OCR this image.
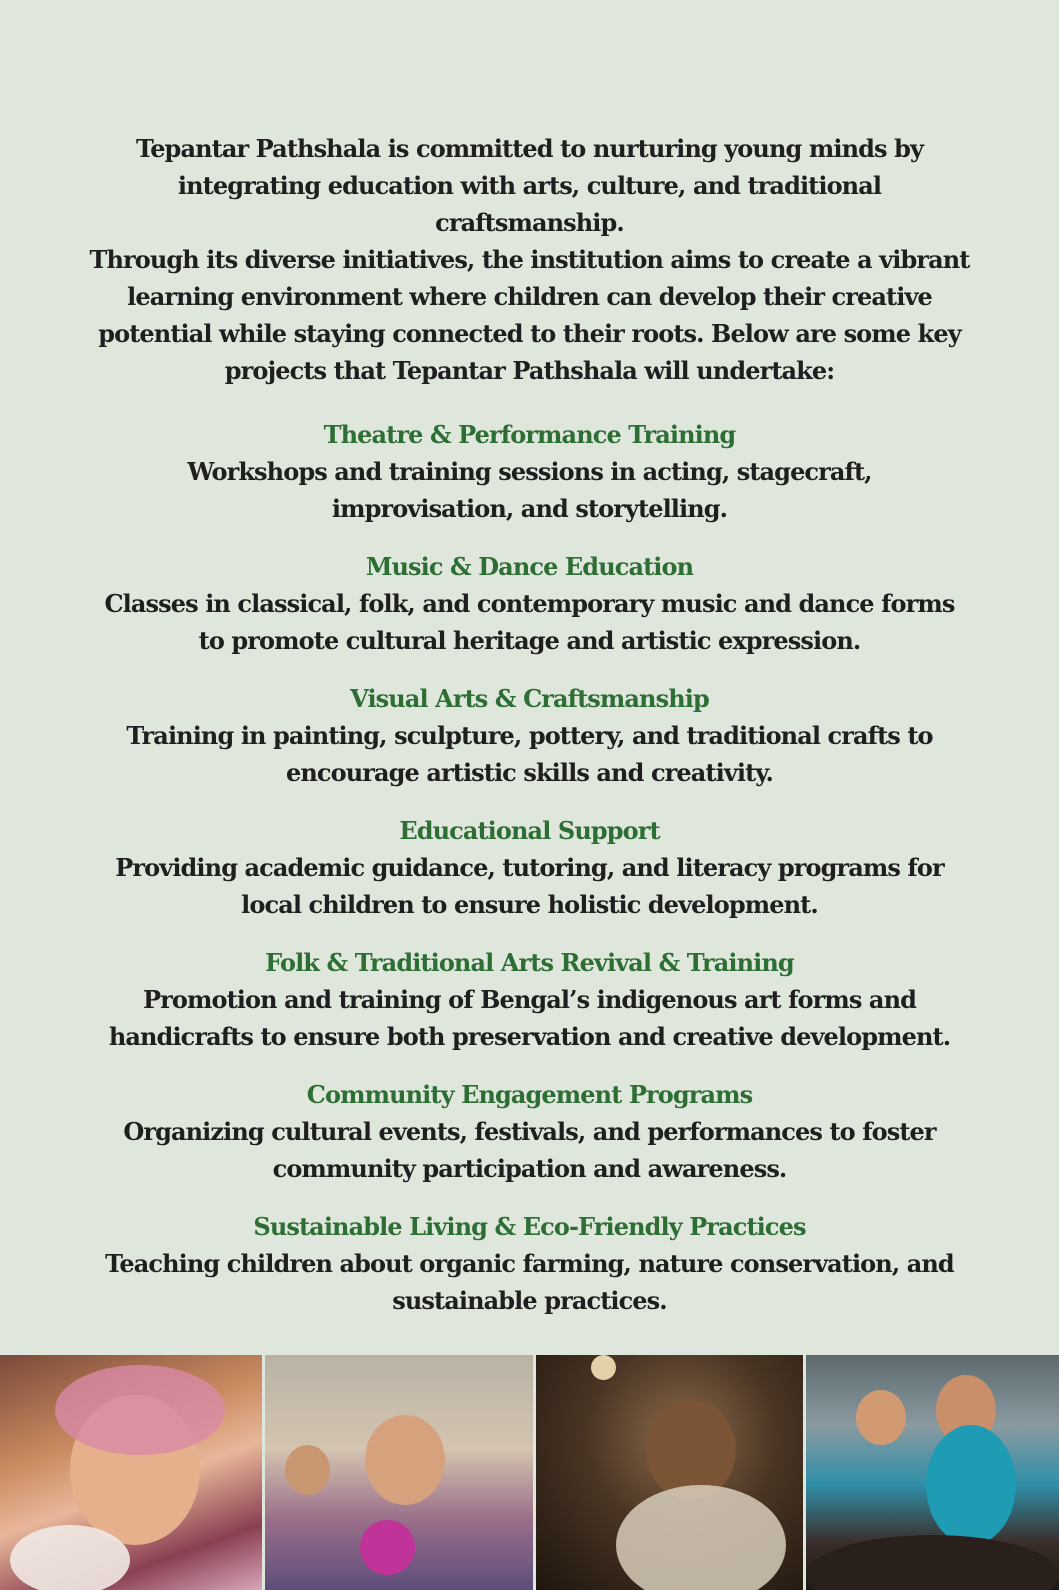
Tepantar Pathshala is committed to nurturing young minds by
integrating education with arts, culture, and traditional craftsmanship.
Through its diverse initiatives, the institution aims to create a vibrant
learning environment where children can develop their creative
potential while staying connected to their roots. Below are some key
projects that Tepantar Pathshala will undertake:
Theatre & Performance Training
Workshops and training sessions in acting, stagecraft,
improvisation, and storytelling.
Music & Dance Education
Classes in classical, folk, and contemporary music and dance forms
to promote cultural heritage and artistic expression.
Visual Arts & Craftsmanship
Training in painting, sculpture, pottery, and traditional crafts to
encourage artistic skills and creativity.
Educational Support
Providing academic guidance, tutoring, and literacy programs for
local children to ensure holistic development.
Folk & Traditional Arts Revival & Training
Promotion and training of Bengal’s indigenous art forms and
handicrafts to ensure both preservation and creative development.
Community Engagement Programs
Organizing cultural events, festivals, and performances to foster
community participation and awareness.
Sustainable Living & Eco-Friendly Practices
Teaching children about organic farming, nature conservation, and
sustainable practices.
